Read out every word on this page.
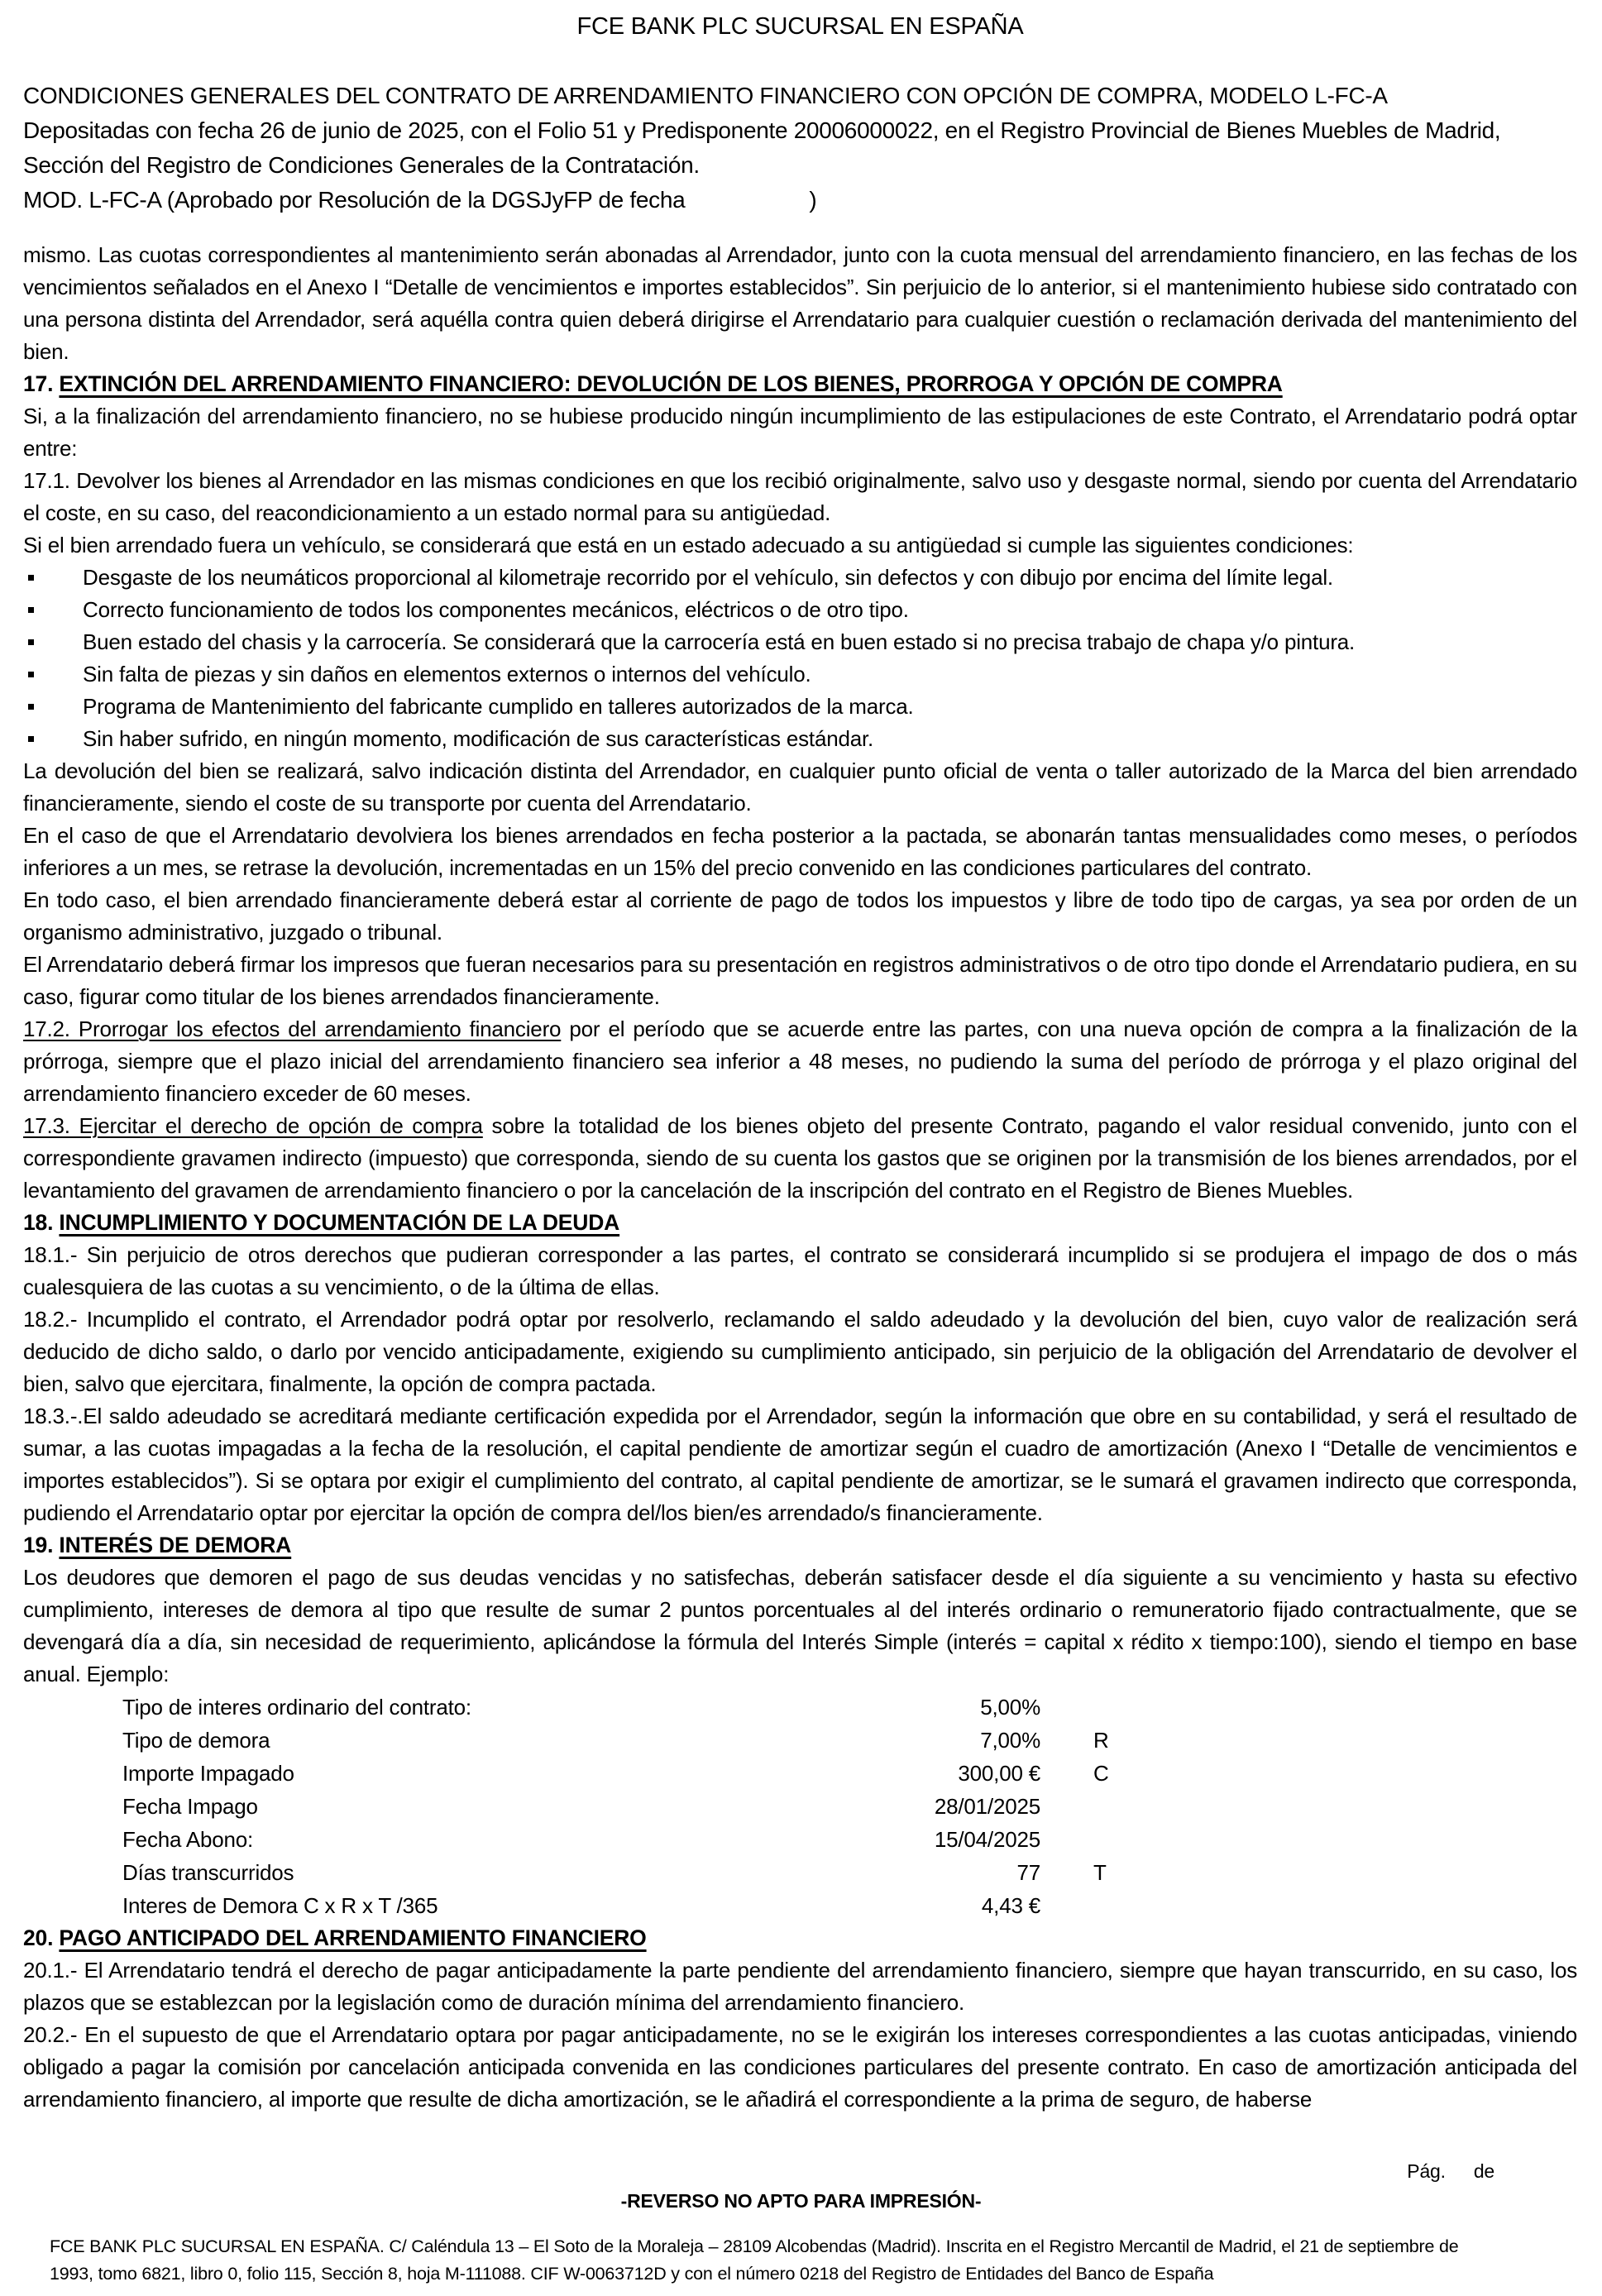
FCE BANK PLC SUCURSAL EN ESPAÑA

CONDICIONES GENERALES DEL CONTRATO DE ARRENDAMIENTO FINANCIERO CON OPCIÓN DE COMPRA, MODELO L-FC-A

Depositadas con fecha 26 de junio de 2025, con el Folio 51 y Predisponente 20006000022, en el Registro Provincial de Bienes Muebles de Madrid, Sección del Registro de Condiciones Generales de la Contratación.

MOD. L-FC-A (Aprobado por Resolución de la DGSJyFP de fecha	)

mismo. Las cuotas correspondientes al mantenimiento serán abonadas al Arrendador, junto con la cuota mensual del arrendamiento financiero, en las fechas de los vencimientos señalados en el Anexo I “Detalle de vencimientos e importes establecidos”. Sin perjuicio de lo anterior, si el mantenimiento hubiese sido contratado con una persona distinta del Arrendador, será aquélla contra quien deberá dirigirse el Arrendatario para cualquier cuestión o reclamación derivada del mantenimiento del bien.

17. EXTINCIÓN DEL ARRENDAMIENTO FINANCIERO: DEVOLUCIÓN DE LOS BIENES, PRORROGA Y OPCIÓN DE COMPRA

Si, a la finalización del arrendamiento financiero, no se hubiese producido ningún incumplimiento de las estipulaciones de este Contrato, el Arrendatario podrá optar entre:

17.1. Devolver los bienes al Arrendador en las mismas condiciones en que los recibió originalmente, salvo uso y desgaste normal, siendo por cuenta del Arrendatario el coste, en su caso, del reacondicionamiento a un estado normal para su antigüedad.

Si el bien arrendado fuera un vehículo, se considerará que está en un estado adecuado a su antigüedad si cumple las siguientes condiciones:

Desgaste de los neumáticos proporcional al kilometraje recorrido por el vehículo, sin defectos y con dibujo por encima del límite legal.
Correcto funcionamiento de todos los componentes mecánicos, eléctricos o de otro tipo.
Buen estado del chasis y la carrocería. Se considerará que la carrocería está en buen estado si no precisa trabajo de chapa y/o pintura.
Sin falta de piezas y sin daños en elementos externos o internos del vehículo.
Programa de Mantenimiento del fabricante cumplido en talleres autorizados de la marca.
Sin haber sufrido, en ningún momento, modificación de sus características estándar.

La devolución del bien se realizará, salvo indicación distinta del Arrendador, en cualquier punto oficial de venta o taller autorizado de la Marca del bien arrendado financieramente, siendo el coste de su transporte por cuenta del Arrendatario.

En el caso de que el Arrendatario devolviera los bienes arrendados en fecha posterior a la pactada, se abonarán tantas mensualidades como meses, o períodos inferiores a un mes, se retrase la devolución, incrementadas en un 15% del precio convenido en las condiciones particulares del contrato.

En todo caso, el bien arrendado financieramente deberá estar al corriente de pago de todos los impuestos y libre de todo tipo de cargas, ya sea por orden de un organismo administrativo, juzgado o tribunal.

El Arrendatario deberá firmar los impresos que fueran necesarios para su presentación en registros administrativos o de otro tipo donde el Arrendatario pudiera, en su caso, figurar como titular de los bienes arrendados financieramente.

17.2. Prorrogar los efectos del arrendamiento financiero por el período que se acuerde entre las partes, con una nueva opción de compra a la finalización de la prórroga, siempre que el plazo inicial del arrendamiento financiero sea inferior a 48 meses, no pudiendo la suma del período de prórroga y el plazo original del arrendamiento financiero exceder de 60 meses.

17.3. Ejercitar el derecho de opción de compra sobre la totalidad de los bienes objeto del presente Contrato, pagando el valor residual convenido, junto con el correspondiente gravamen indirecto (impuesto) que corresponda, siendo de su cuenta los gastos que se originen por la transmisión de los bienes arrendados, por el levantamiento del gravamen de arrendamiento financiero o por la cancelación de la inscripción del contrato en el Registro de Bienes Muebles.

18. INCUMPLIMIENTO Y DOCUMENTACIÓN DE LA DEUDA

18.1.- Sin perjuicio de otros derechos que pudieran corresponder a las partes, el contrato se considerará incumplido si se produjera el impago de dos o más cualesquiera de las cuotas a su vencimiento, o de la última de ellas.

18.2.- Incumplido el contrato, el Arrendador podrá optar por resolverlo, reclamando el saldo adeudado y la devolución del bien, cuyo valor de realización será deducido de dicho saldo, o darlo por vencido anticipadamente, exigiendo su cumplimiento anticipado, sin perjuicio de la obligación del Arrendatario de devolver el bien, salvo que ejercitara, finalmente, la opción de compra pactada.

18.3.-.El saldo adeudado se acreditará mediante certificación expedida por el Arrendador, según la información que obre en su contabilidad, y será el resultado de sumar, a las cuotas impagadas a la fecha de la resolución, el capital pendiente de amortizar según el cuadro de amortización (Anexo I “Detalle de vencimientos e importes establecidos”). Si se optara por exigir el cumplimiento del contrato, al capital pendiente de amortizar, se le sumará el gravamen indirecto que corresponda, pudiendo el Arrendatario optar por ejercitar la opción de compra del/los bien/es arrendado/s financieramente.

19. INTERÉS DE DEMORA

Los deudores que demoren el pago de sus deudas vencidas y no satisfechas, deberán satisfacer desde el día siguiente a su vencimiento y hasta su efectivo cumplimiento, intereses de demora al tipo que resulte de sumar 2 puntos porcentuales al del interés ordinario o remuneratorio fijado contractualmente, que se devengará día a día, sin necesidad de requerimiento, aplicándose la fórmula del Interés Simple (interés = capital x rédito x tiempo:100), siendo el tiempo en base anual. Ejemplo:

Tipo de interes ordinario del contrato:	5,00%
Tipo de demora	7,00% R
Importe Impagado	300,00 € C
Fecha Impago	28/01/2025
Fecha Abono:	15/04/2025
Días transcurridos	77 T
Interes de Demora C x R x T /365	4,43 €

20. PAGO ANTICIPADO DEL ARRENDAMIENTO FINANCIERO

20.1.- El Arrendatario tendrá el derecho de pagar anticipadamente la parte pendiente del arrendamiento financiero, siempre que hayan transcurrido, en su caso, los plazos que se establezcan por la legislación como de duración mínima del arrendamiento financiero.

20.2.- En el supuesto de que el Arrendatario optara por pagar anticipadamente, no se le exigirán los intereses correspondientes a las cuotas anticipadas, viniendo obligado a pagar la comisión por cancelación anticipada convenida en las condiciones particulares del presente contrato. En caso de amortización anticipada del arrendamiento financiero, al importe que resulte de dicha amortización, se le añadirá el correspondiente a la prima de seguro, de haberse

Pág. de
-REVERSO NO APTO PARA IMPRESIÓN-
FCE BANK PLC SUCURSAL EN ESPAÑA. C/ Caléndula 13 – El Soto de la Moraleja – 28109 Alcobendas (Madrid). Inscrita en el Registro Mercantil de Madrid, el 21 de septiembre de 1993, tomo 6821, libro 0, folio 115, Sección 8, hoja M-111088. CIF W-0063712D y con el número 0218 del Registro de Entidades del Banco de España
